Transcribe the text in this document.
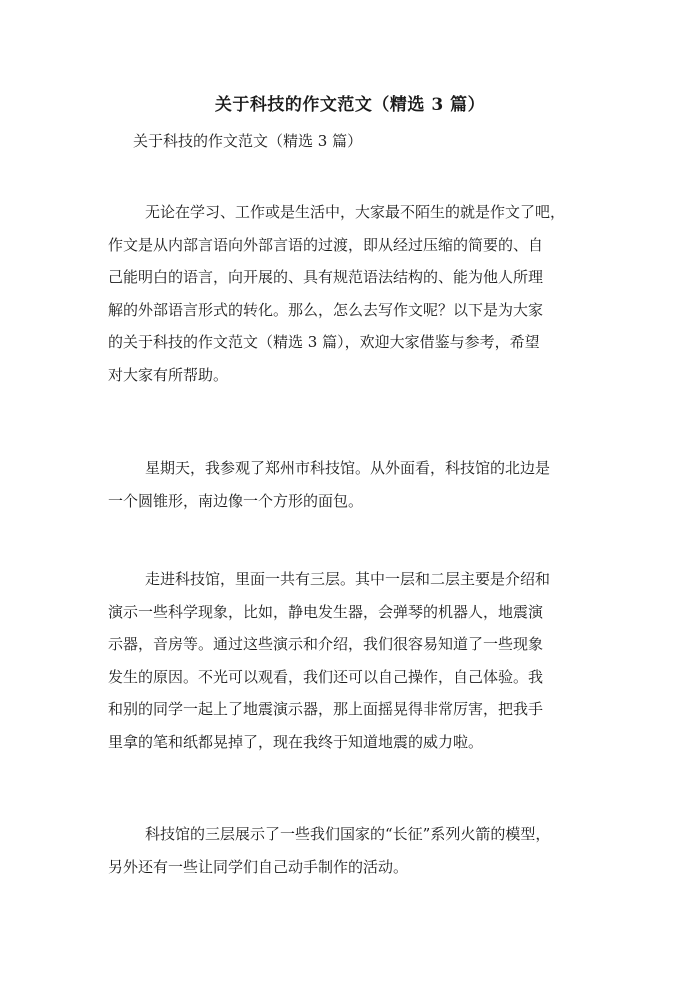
关于科技的作文范文（精选 3 篇）

关于科技的作文范文（精选 3 篇）

无论在学习、工作或是生活中，大家最不陌生的就是作文了吧，
作文是从内部言语向外部言语的过渡，即从经过压缩的简要的、自
己能明白的语言，向开展的、具有规范语法结构的、能为他人所理
解的外部语言形式的转化。那么，怎么去写作文呢？以下是为大家
的关于科技的作文范文（精选 3 篇），欢迎大家借鉴与参考，希望
对大家有所帮助。
星期天，我参观了郑州市科技馆。从外面看，科技馆的北边是
一个圆锥形，南边像一个方形的面包。
走进科技馆，里面一共有三层。其中一层和二层主要是介绍和
演示一些科学现象，比如，静电发生器，会弹琴的机器人，地震演
示器，音房等。通过这些演示和介绍，我们很容易知道了一些现象
发生的原因。不光可以观看，我们还可以自己操作，自己体验。我
和别的同学一起上了地震演示器，那上面摇晃得非常厉害，把我手
里拿的笔和纸都晃掉了，现在我终于知道地震的威力啦。
科技馆的三层展示了一些我们国家的“长征”系列火箭的模型，
另外还有一些让同学们自己动手制作的活动。
